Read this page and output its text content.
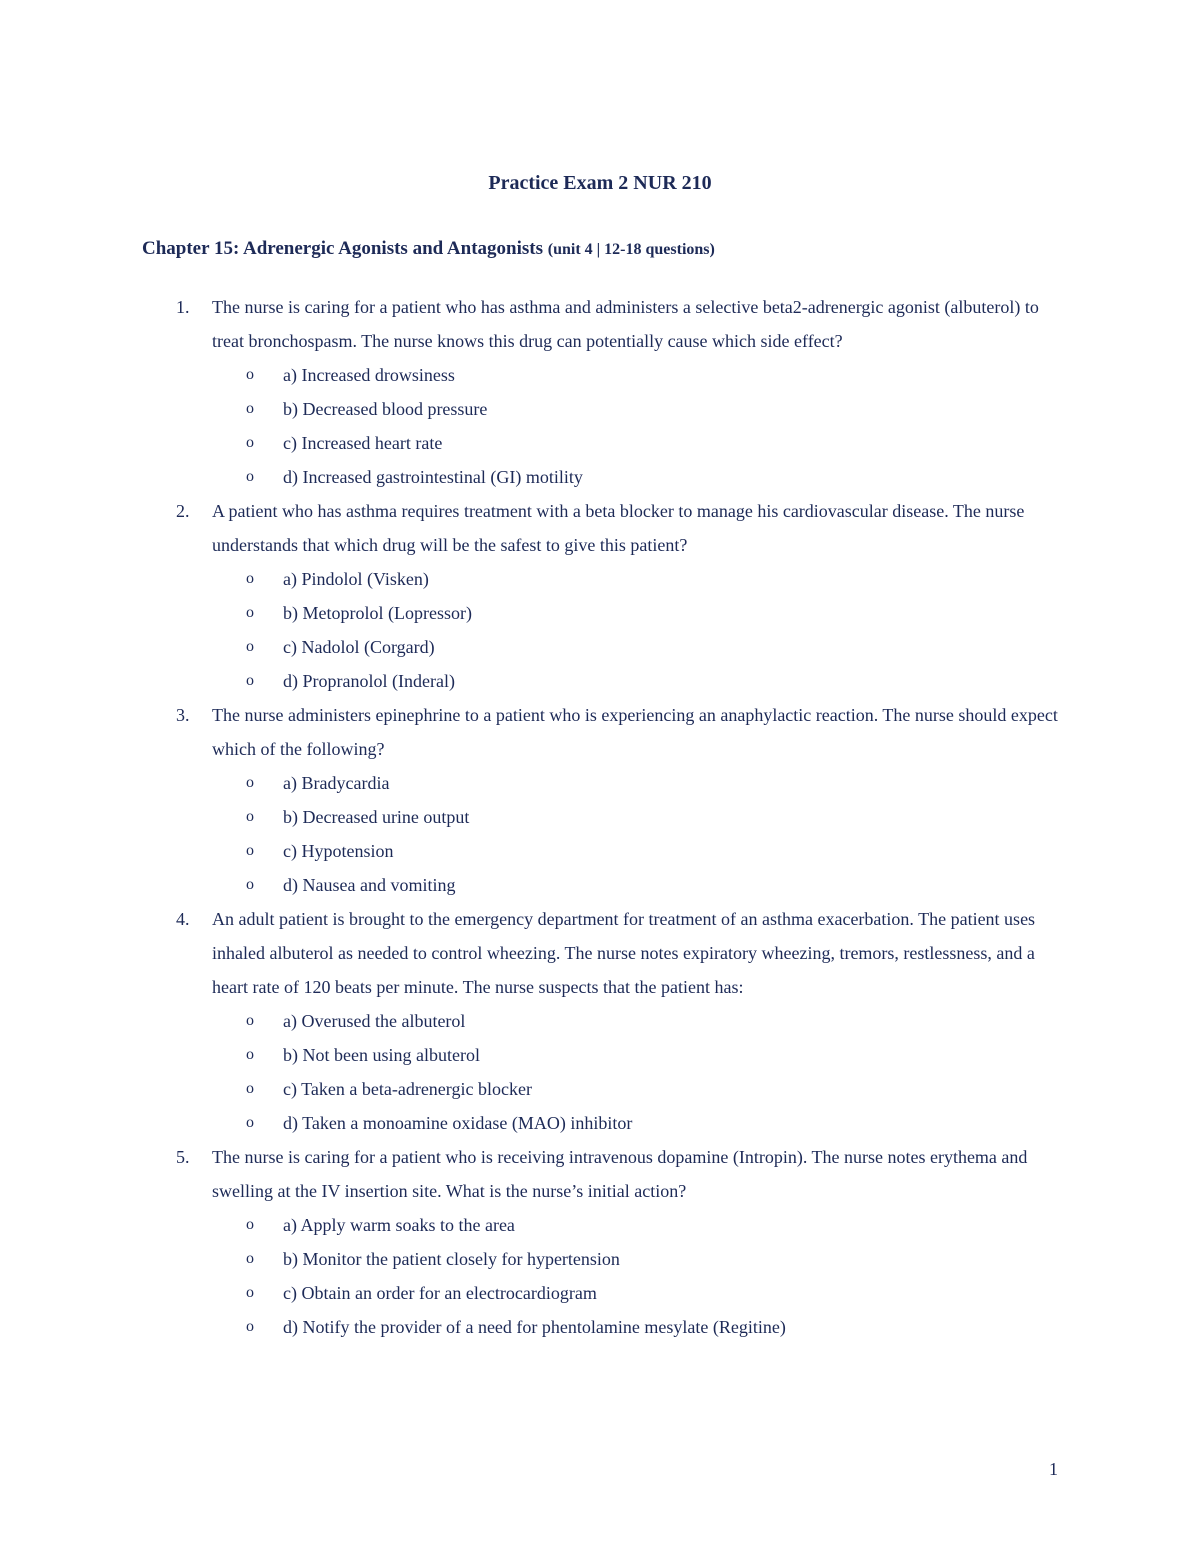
Practice Exam 2 NUR 210
Chapter 15: Adrenergic Agonists and Antagonists (unit 4 | 12-18 questions)
1. The nurse is caring for a patient who has asthma and administers a selective beta2-adrenergic agonist (albuterol) to treat bronchospasm. The nurse knows this drug can potentially cause which side effect?
o a) Increased drowsiness
o b) Decreased blood pressure
o c) Increased heart rate
o d) Increased gastrointestinal (GI) motility
2. A patient who has asthma requires treatment with a beta blocker to manage his cardiovascular disease. The nurse understands that which drug will be the safest to give this patient?
o a) Pindolol (Visken)
o b) Metoprolol (Lopressor)
o c) Nadolol (Corgard)
o d) Propranolol (Inderal)
3. The nurse administers epinephrine to a patient who is experiencing an anaphylactic reaction. The nurse should expect which of the following?
o a) Bradycardia
o b) Decreased urine output
o c) Hypotension
o d) Nausea and vomiting
4. An adult patient is brought to the emergency department for treatment of an asthma exacerbation. The patient uses inhaled albuterol as needed to control wheezing. The nurse notes expiratory wheezing, tremors, restlessness, and a heart rate of 120 beats per minute. The nurse suspects that the patient has:
o a) Overused the albuterol
o b) Not been using albuterol
o c) Taken a beta-adrenergic blocker
o d) Taken a monoamine oxidase (MAO) inhibitor
5. The nurse is caring for a patient who is receiving intravenous dopamine (Intropin). The nurse notes erythema and swelling at the IV insertion site. What is the nurse’s initial action?
o a) Apply warm soaks to the area
o b) Monitor the patient closely for hypertension
o c) Obtain an order for an electrocardiogram
o d) Notify the provider of a need for phentolamine mesylate (Regitine)
1
